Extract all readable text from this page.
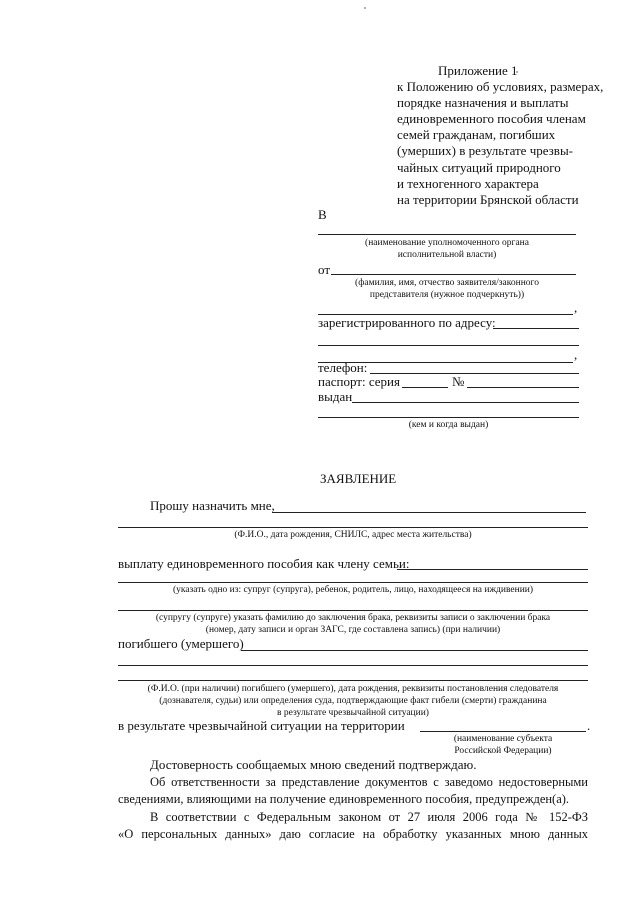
Приложение 1
к Положению об условиях, размерах,
порядке назначения и выплаты
единовременного пособия членам
семей гражданам, погибших
(умерших) в результате чрезвы-
чайных ситуаций природного
и техногенного характера
на территории Брянской области
В
(наименование уполномоченного органа
исполнительной власти)
от
(фамилия, имя, отчество заявителя/законного
представителя (нужное подчеркнуть))
,
зарегистрированного по адресу:
,
телефон:
паспорт: серия	№
выдан
(кем и когда выдан)
ЗАЯВЛЕНИЕ
Прошу назначить мне,
(Ф.И.О., дата рождения, СНИЛС, адрес места жительства)
выплату единовременного пособия как члену семьи:
(указать одно из: супруг (супруга), ребенок, родитель, лицо, находящееся на иждивении)
(супругу (супруге) указать фамилию до заключения брака, реквизиты записи о заключении брака
(номер, дату записи и орган ЗАГС, где составлена запись) (при наличии)
погибшего (умершего)
(Ф.И.О. (при наличии) погибшего (умершего), дата рождения, реквизиты постановления следователя
(дознавателя, судьи) или определения суда, подтверждающие факт гибели (смерти) гражданина
в результате чрезвычайной ситуации)
в результате чрезвычайной ситуации на территории	.
(наименование субъекта
Российской Федерации)
Достоверность сообщаемых мною сведений подтверждаю.
Об ответственности за представление документов с заведомо недостоверными
сведениями, влияющими на получение единовременного пособия, предупрежден(а).
В соответствии с Федеральным законом от 27 июля 2006 года № 152-ФЗ
«О персональных данных» даю согласие на обработку указанных мною данных
